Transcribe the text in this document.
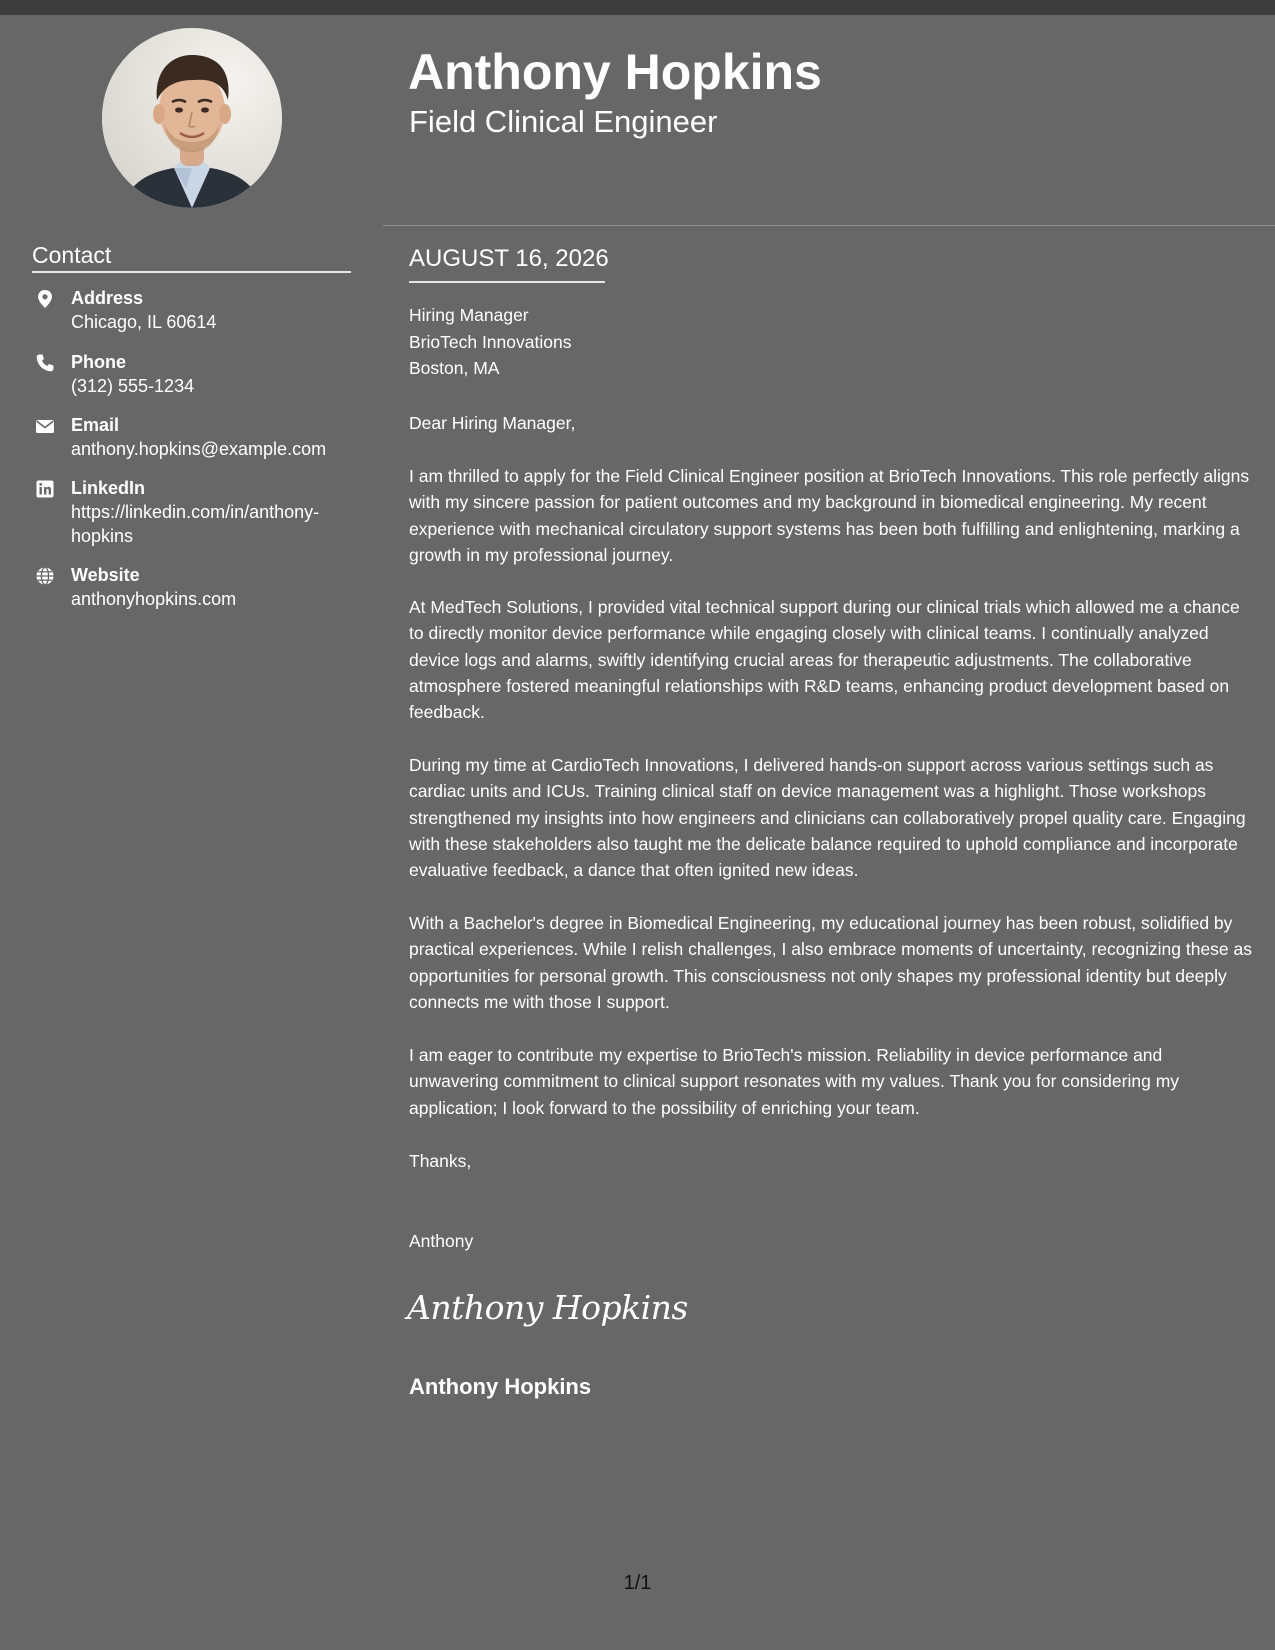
Anthony Hopkins
Field Clinical Engineer
Contact
Address
Chicago, IL 60614
Phone
(312) 555-1234
Email
anthony.hopkins@example.com
LinkedIn
https://linkedin.com/in/anthony-hopkins
Website
anthonyhopkins.com
AUGUST 16, 2026
Hiring Manager
BrioTech Innovations
Boston, MA
Dear Hiring Manager,
I am thrilled to apply for the Field Clinical Engineer position at BrioTech Innovations. This role perfectly aligns with my sincere passion for patient outcomes and my background in biomedical engineering. My recent experience with mechanical circulatory support systems has been both fulfilling and enlightening, marking a growth in my professional journey.
At MedTech Solutions, I provided vital technical support during our clinical trials which allowed me a chance to directly monitor device performance while engaging closely with clinical teams. I continually analyzed device logs and alarms, swiftly identifying crucial areas for therapeutic adjustments. The collaborative atmosphere fostered meaningful relationships with R&D teams, enhancing product development based on feedback.
During my time at CardioTech Innovations, I delivered hands-on support across various settings such as cardiac units and ICUs. Training clinical staff on device management was a highlight. Those workshops strengthened my insights into how engineers and clinicians can collaboratively propel quality care. Engaging with these stakeholders also taught me the delicate balance required to uphold compliance and incorporate evaluative feedback, a dance that often ignited new ideas.
With a Bachelor's degree in Biomedical Engineering, my educational journey has been robust, solidified by practical experiences. While I relish challenges, I also embrace moments of uncertainty, recognizing these as opportunities for personal growth. This consciousness not only shapes my professional identity but deeply connects me with those I support.
I am eager to contribute my expertise to BrioTech's mission. Reliability in device performance and unwavering commitment to clinical support resonates with my values. Thank you for considering my application; I look forward to the possibility of enriching your team.
Thanks,
Anthony
Anthony Hopkins
Anthony Hopkins
1/1
